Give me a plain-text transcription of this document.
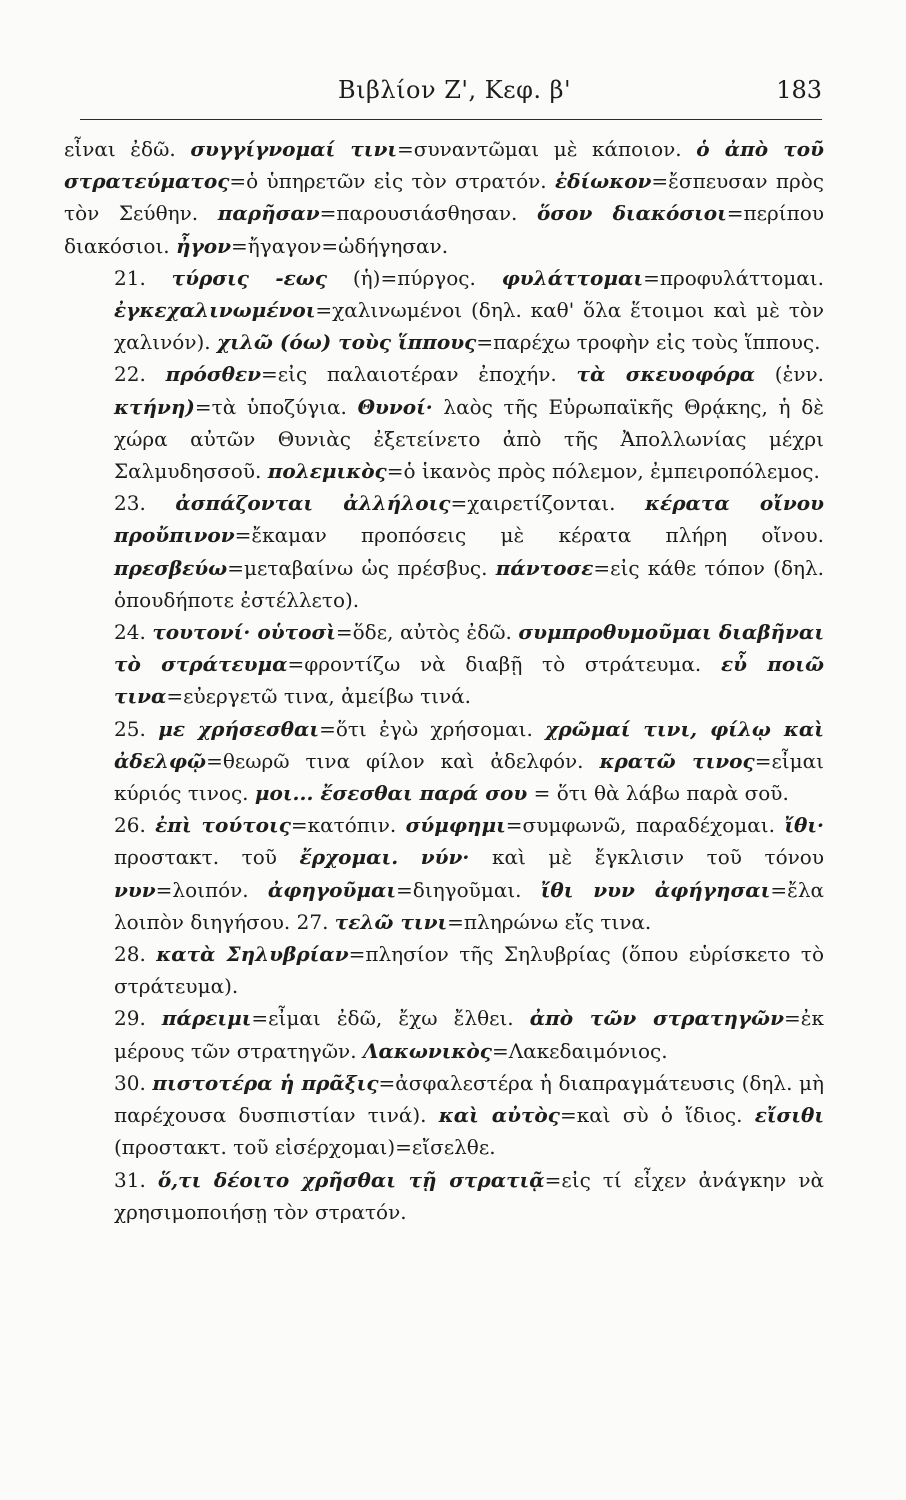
Βιβλίον Ζ', Κεφ. β'	183

εἶναι ἐδῶ. συγγίγνομαί τινι=συναντῶμαι μὲ κάποιον. ὁ ἀπὸ τοῦ στρατεύματος=ὁ ὑπηρετῶν εἰς τὸν στρατόν. ἐδίωκον=ἔσπευσαν πρὸς τὸν Σεύθην. παρῆσαν=παρουσιάσθησαν. ὅσον διακόσιοι=περίπου διακόσιοι. ἦγον=ἤγαγον=ὡδήγησαν.

21. τύρσις -εως (ἡ)=πύργος. φυλάττομαι=προφυλάττομαι. ἐγκεχαλινωμένοι=χαλινωμένοι (δηλ. καθ' ὅλα ἕτοιμοι καὶ μὲ τὸν χαλινόν). χιλῶ (όω) τοὺς ἵππους=παρέχω τροφὴν εἰς τοὺς ἵππους.

22. πρόσθεν=εἰς παλαιοτέραν ἐποχήν. τὰ σκευοφόρα (ἑνν. κτήνη)=τὰ ὑποζύγια. Θυνοί· λαὸς τῆς Εὐρωπαϊκῆς Θρᾴκης, ἡ δὲ χώρα αὐτῶν Θυνιὰς ἐξετείνετο ἀπὸ τῆς Ἀπολλωνίας μέχρι Σαλμυδησσοῦ. πολεμικὸς=ὁ ἱκανὸς πρὸς πόλεμον, ἐμπειροπόλεμος.

23. ἀσπάζονται ἀλλήλοις=χαιρετίζονται. κέρατα οἴνου προὔπινον=ἔκαμαν προπόσεις μὲ κέρατα πλήρη οἴνου. πρεσβεύω=μεταβαίνω ὡς πρέσβυς. πάντοσε=εἰς κάθε τόπον (δηλ. ὁπουδήποτε ἐστέλλετο).

24. τουτονί· οὑτοσὶ=ὅδε, αὐτὸς ἐδῶ. συμπροθυμοῦμαι διαβῆναι τὸ στράτευμα=φροντίζω νὰ διαβῇ τὸ στράτευμα. εὖ ποιῶ τινα=εὐεργετῶ τινα, ἀμείβω τινά.

25. με χρήσεσθαι=ὅτι ἐγὼ χρήσομαι. χρῶμαί τινι, φίλῳ καὶ ἀδελφῷ=θεωρῶ τινα φίλον καὶ ἀδελφόν. κρατῶ τινος=εἶμαι κύριός τινος. μοι... ἔσεσθαι παρά σου = ὅτι θὰ λάβω παρὰ σοῦ.

26. ἐπὶ τούτοις=κατόπιν. σύμφημι=συμφωνῶ, παραδέχομαι. ἴθι· προστακτ. τοῦ ἔρχομαι. νύν· καὶ μὲ ἔγκλισιν τοῦ τόνου νυν=λοιπόν. ἀφηγοῦμαι=διηγοῦμαι. ἴθι νυν ἀφήγησαι=ἔλα λοιπὸν διηγήσου. 27. τελῶ τινι=πληρώνω εἴς τινα.

28. κατὰ Σηλυβρίαν=πλησίον τῆς Σηλυβρίας (ὅπου εὑρίσκετο τὸ στράτευμα).

29. πάρειμι=εἶμαι ἐδῶ, ἔχω ἔλθει. ἀπὸ τῶν στρατηγῶν=ἐκ μέρους τῶν στρατηγῶν. Λακωνικὸς=Λακεδαιμόνιος.

30. πιστοτέρα ἡ πρᾶξις=ἀσφαλεστέρα ἡ διαπραγμάτευσις (δηλ. μὴ παρέχουσα δυσπιστίαν τινά). καὶ αὐτὸς=καὶ σὺ ὁ ἴδιος. εἴσιθι (προστακτ. τοῦ εἰσέρχομαι)=εἴσελθε.

31. ὅ,τι δέοιτο χρῆσθαι τῇ στρατιᾷ=εἰς τί εἶχεν ἀνάγκην νὰ χρησιμοποιήσῃ τὸν στρατόν.
